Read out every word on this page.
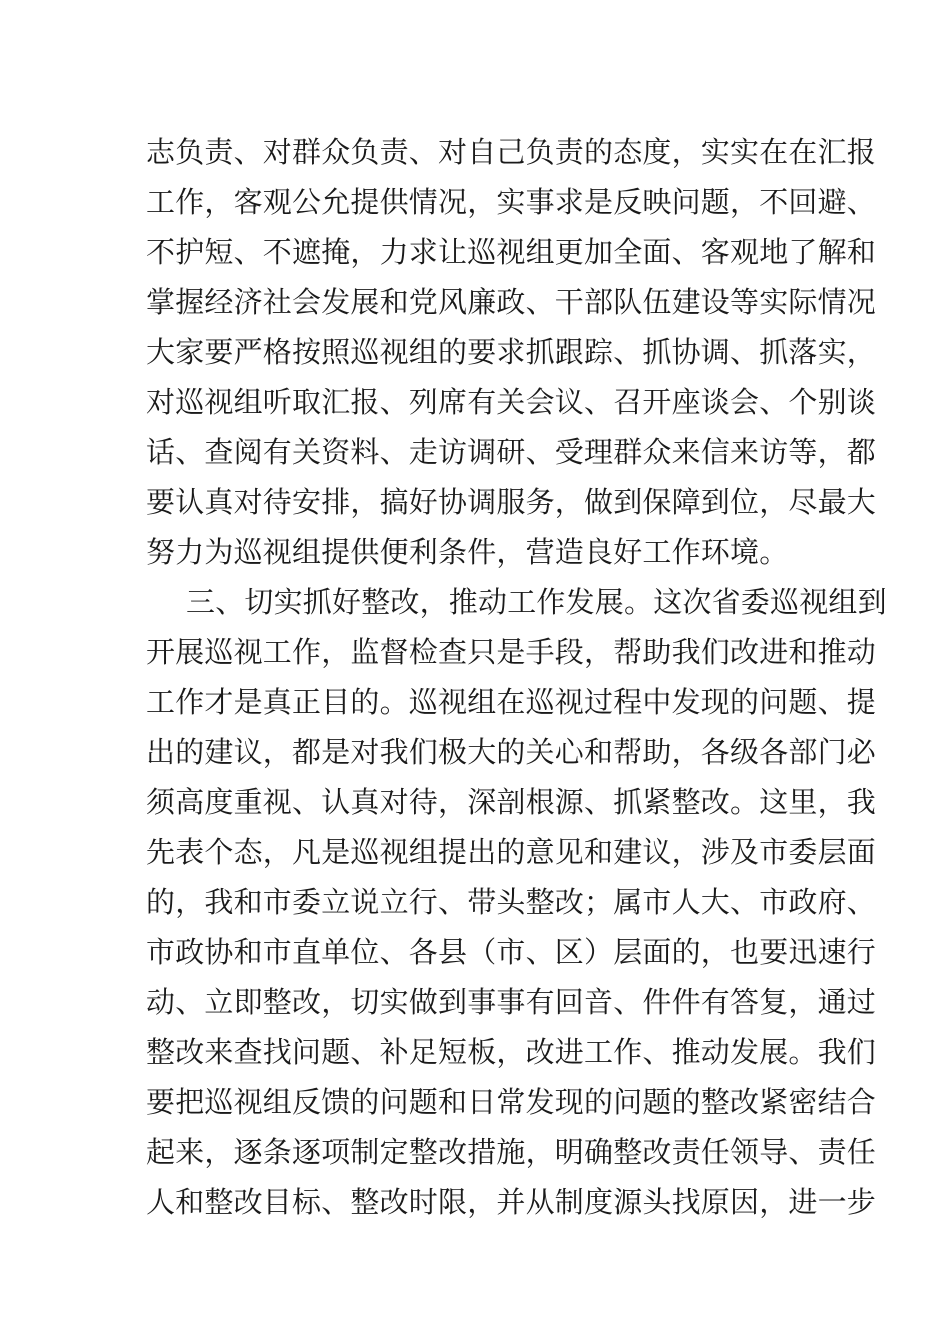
志负责、对群众负责、对自己负责的态度，实实在在汇报
工作，客观公允提供情况，实事求是反映问题，不回避、
不护短、不遮掩，力求让巡视组更加全面、客观地了解和
掌握经济社会发展和党风廉政、干部队伍建设等实际情况
大家要严格按照巡视组的要求抓跟踪、抓协调、抓落实，
对巡视组听取汇报、列席有关会议、召开座谈会、个别谈
话、查阅有关资料、走访调研、受理群众来信来访等，都
要认真对待安排，搞好协调服务，做到保障到位，尽最大
努力为巡视组提供便利条件，营造良好工作环境。
三、切实抓好整改，推动工作发展。这次省委巡视组到
开展巡视工作，监督检查只是手段，帮助我们改进和推动
工作才是真正目的。巡视组在巡视过程中发现的问题、提
出的建议，都是对我们极大的关心和帮助，各级各部门必
须高度重视、认真对待，深剖根源、抓紧整改。这里，我
先表个态，凡是巡视组提出的意见和建议，涉及市委层面
的，我和市委立说立行、带头整改；属市人大、市政府、
市政协和市直单位、各县（市、区）层面的，也要迅速行
动、立即整改，切实做到事事有回音、件件有答复，通过
整改来查找问题、补足短板，改进工作、推动发展。我们
要把巡视组反馈的问题和日常发现的问题的整改紧密结合
起来，逐条逐项制定整改措施，明确整改责任领导、责任
人和整改目标、整改时限，并从制度源头找原因，进一步
